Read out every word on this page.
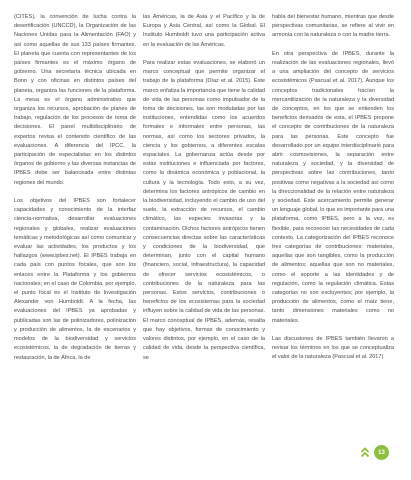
(CITES), la convención de lucha contra la desertificación (UNCCD), la Organización de las Naciones Unidas para la Alimentación (FAO) y así como aquellas de sus 133 países firmantes. El planeta que cuenta con representantes de los países firmantes es el máximo órgano de gobierno. Una secretaría técnica ubicada en Bonn y con oficinas en distintos países del planeta, organiza las funciones de la plataforma. La mesa es el órgano administrativo que organiza los recursos, aprobación de planes de trabajo, regulación de los procesos de toma de decisiones. El panel multidisciplinario de expertos revisa el contenido científico de las evaluaciones. A diferencia del IPCC, la participación de especialistas en los distintos órganos de gobierno y las diversas instancias de IPBES debe ser balanceada entre distintas regiones del mundo.

Los objetivos del IPBES son fortalecer capacidades y conocimiento de la interfaz ciencia-normativa, desarrollar evaluaciones regionales y globales, realizar evaluaciones temáticas y metodológicas así como comunicar y evaluar las actividades, los productos y los hallazgos (www.ipbes.net). El IPBES trabaja en cada país con puntos focales, que son los enlaces entre la Plataforma y los gobiernos nacionales; en el caso de Colombia, por ejemplo, el punto focal es el Instituto de Investigación Alexander von Humboldt. A la fecha, las evaluaciones del IPBES ya aprobadas y publicadas son las de polinizadores, polinización y producción de alimentos, la de escenarios y modelos de la biodiversidad y servicios ecosistémicos, la de degradación de tierras y restauración, la de África, la de

las Américas, la de Asia y el Pacífico y la de Europa y Asia Central, así como la Global. El Instituto Humboldt tuvo una participación activa en la evaluación de las Américas.

Para realizar estas evaluaciones, se elaboró un marco conceptual que permite organizar el trabajo de la plataforma (Díaz et al. 2015). Este marco enfatiza la importancia que tiene la calidad de vida de las personas como impulsador de la toma de decisiones, las son moduladas por las instituciones, entendidas como los acuerdos formales e informales entre personas, las normas, así como los sectores privados, la ciencia y los gobiernos, a diferentes escalas espaciales. La gobernanza actúa desde por estas instituciones e influenciada por factores, como la dinámica económica y poblacional, la cultura y la tecnología. Todo esto, a su vez, determina los factores antrópicos de cambio en la biodiversidad, incluyendo el cambio de uso del suelo, la extracción de recursos, el cambio climático, las especies invasoras y la contaminación. Dichos factores antrópicos tienen consecuencias directas sobre las características y condiciones de la biodiversidad, que determinan, junto con el capital humano (financiero, social, infraestructura), la capacidad de ofrecer servicios ecosistémicos, o contribuciones de la naturaleza para las personas. Estos servicios, contribuciones o beneficios de los ecosistemas para la sociedad influyen sobre la calidad de vida de las personas. El marco conceptual de IPBES, además, resalta que hay objetivos, formas de conocimiento y valores distintos, por ejemplo, en el caso de la calidad de vida, desde la perspectiva científica, se

habla del bienestar humano, mientras que desde perspectivas comunitarias, se refiere al vivir en armonía con la naturaleza o con la madre tierra.

En otra perspectiva de IPBES, durante la realización de las evaluaciones regionales, llevó a una ampliación del concepto de servicios ecosistémicos (Pascual et al. 2017). Aunque los conceptos tradicionales hacían la mercantilización de la naturaleza y la diversidad de conceptos, en los que se entienden los beneficios derivados de esta, el IPBES propone el concepto de contribuciones de la naturaleza para las personas. Este concepto fue desarrollado por un equipo interdisciplinario para abrir cosmovisiones, la separación entre naturaleza y sociedad, y la diversidad de perspectivas sobre las contribuciones, tanto positivas como negativas a la sociedad así como la direccionalidad de la relación entre naturaleza y sociedad. Este acercamiento permite generar un lenguaje global, lo que es importante para una plataforma, como IPBES, pero a la vez, es flexible, para reconocer las necesidades de cada contexto. La categorización del IPBES reconoce tres categorías de contribuciones: materiales, aquellas que son tangibles, como la producción de alimentos; aquellas que son no materiales, como el soporte a las identidades y de regulación, como la regulación climática. Estas categorías no son excluyentes; por ejemplo, la producción de alimentos, como el maíz tiene, tanto dimensiones materiales como no materiales.

Las discusiones de IPBES también llevaron a revisar los términos en los que se conceptualiza el valor de la naturaleza (Pascual et al. 2017)

13
